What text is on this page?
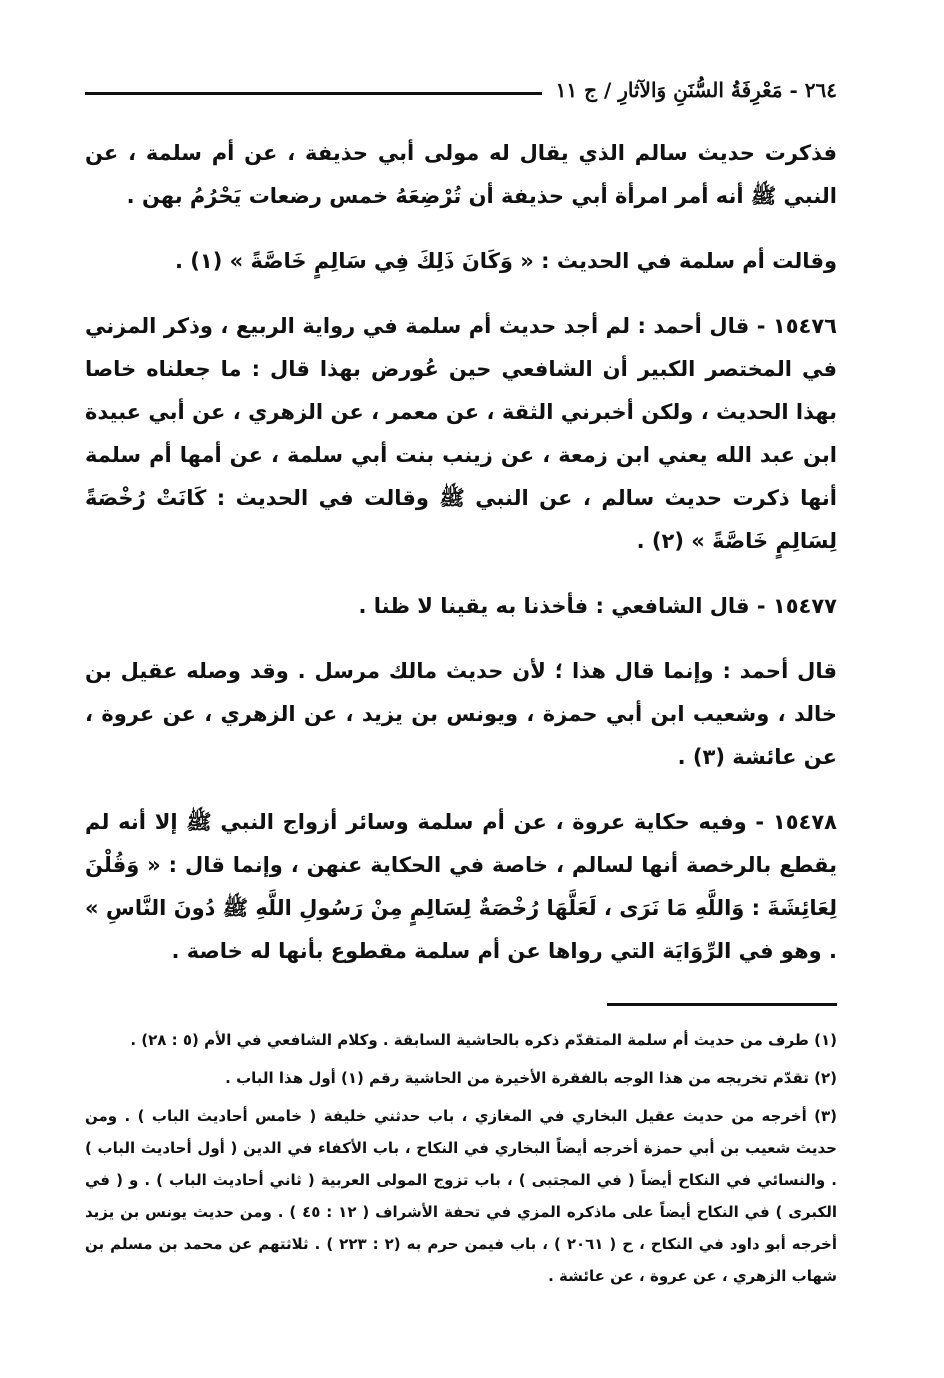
٢٦٤ - مَعْرِفَةُ السُّنَنِ وَالآثارِ / ج ١١

فذكرت حديث سالم الذي يقال له مولى أبي حذيفة ، عن أم سلمة ، عن النبي ﷺ أنه أمر امرأة أبي حذيفة أن تُرْضِعَهُ خمس رضعات يَحْرُمُ بهن .

وقالت أم سلمة في الحديث : « وَكَانَ ذَلِكَ فِي سَالِمٍ خَاصَّةً » (١) .

١٥٤٧٦ - قال أحمد : لم أجد حديث أم سلمة في رواية الربيع ، وذكر المزني في المختصر الكبير أن الشافعي حين عُورض بهذا قال : ما جعلناه خاصا بهذا الحديث ، ولكن أخبرني الثقة ، عن معمر ، عن الزهري ، عن أبي عبيدة ابن عبد الله يعني ابن زمعة ، عن زينب بنت أبي سلمة ، عن أمها أم سلمة أنها ذكرت حديث سالم ، عن النبي ﷺ وقالت في الحديث : كَانَتْ رُخْصَةً لِسَالِمٍ خَاصَّةً » (٢) .

١٥٤٧٧ - قال الشافعي : فأخذنا به يقينا لا ظنا .

قال أحمد : وإنما قال هذا ؛ لأن حديث مالك مرسل . وقد وصله عقيل بن خالد ، وشعيب ابن أبي حمزة ، ويونس بن يزيد ، عن الزهري ، عن عروة ، عن عائشة (٣) .

١٥٤٧٨ - وفيه حكاية عروة ، عن أم سلمة وسائر أزواج النبي ﷺ إلا أنه لم يقطع بالرخصة أنها لسالم ، خاصة في الحكاية عنهن ، وإنما قال : « وَقُلْنَ لِعَائِشَةَ : وَاللَّهِ مَا نَرَى ، لَعَلَّهَا رُخْصَةٌ لِسَالِمٍ مِنْ رَسُولِ اللَّهِ ﷺ دُونَ النَّاسِ » . وهو في الرِّوَايَة التي رواها عن أم سلمة مقطوع بأنها له خاصة .

(١) طرف من حديث أم سلمة المتقدّم ذكره بالحاشية السابقة . وكلام الشافعي في الأم (٥ : ٢٨) .

(٢) تقدّم تخريجه من هذا الوجه بالفقرة الأخيرة من الحاشية رقم (١) أول هذا الباب .

(٣) أخرجه من حديث عقيل البخاري في المغازي ، باب حدثني خليفة ( خامس أحاديث الباب ) . ومن حديث شعيب بن أبي حمزة أخرجه أيضاً البخاري في النكاح ، باب الأكفاء في الدين ( أول أحاديث الباب ) . والنسائي في النكاح أيضاً ( في المجتبى ) ، باب تزوج المولى العربية ( ثاني أحاديث الباب ) . و ( في الكبرى ) في النكاح أيضاً على ماذكره المزي في تحفة الأشراف ( ١٢ : ٤٥ ) . ومن حديث يونس بن يزيد أخرجه أبو داود في النكاح ، ح ( ٢٠٦١ ) ، باب فيمن حرم به (٢ : ٢٢٣ ) . ثلاثتهم عن محمد بن مسلم بن شهاب الزهري ، عن عروة ، عن عائشة .
